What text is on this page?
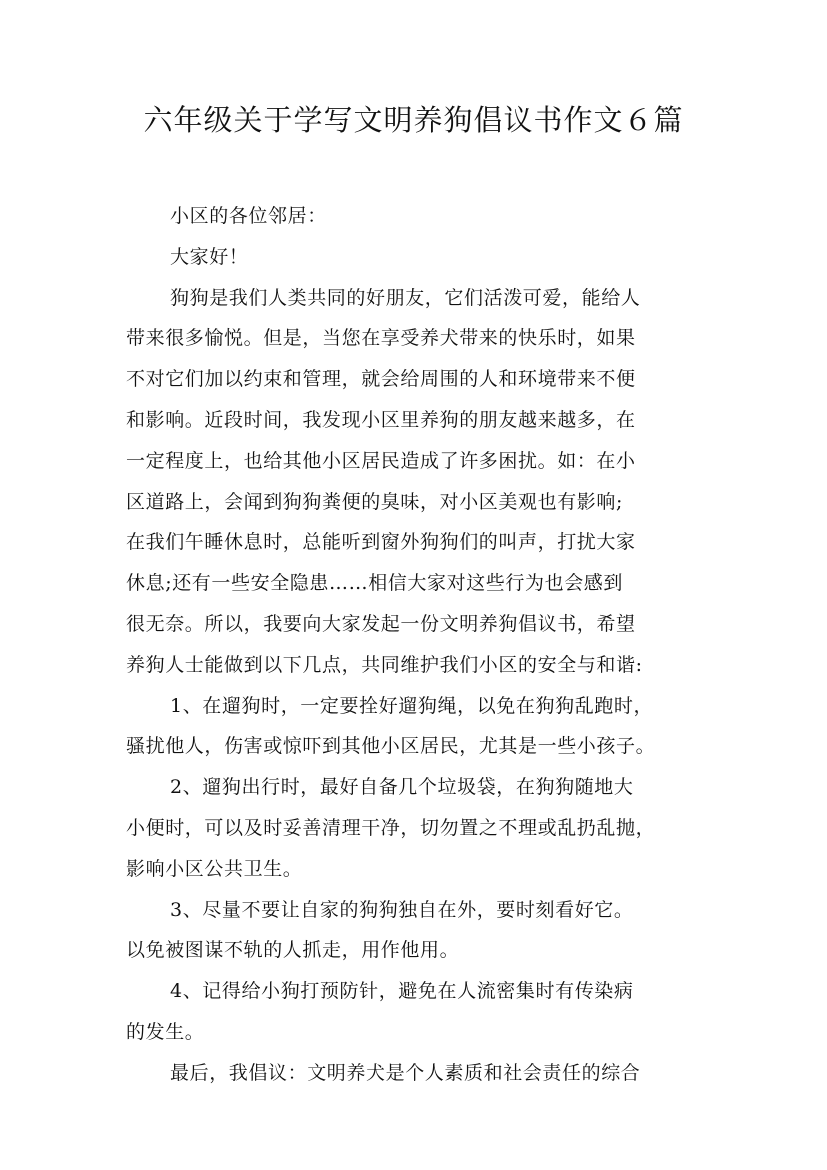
六年级关于学写文明养狗倡议书作文６篇
小区的各位邻居：
大家好！
狗狗是我们人类共同的好朋友，它们活泼可爱，能给人
带来很多愉悦。但是，当您在享受养犬带来的快乐时，如果
不对它们加以约束和管理，就会给周围的人和环境带来不便
和影响。近段时间，我发现小区里养狗的朋友越来越多，在
一定程度上，也给其他小区居民造成了许多困扰。如：在小
区道路上，会闻到狗狗粪便的臭味，对小区美观也有影响;
在我们午睡休息时，总能听到窗外狗狗们的叫声，打扰大家
休息;还有一些安全隐患……相信大家对这些行为也会感到
很无奈。所以，我要向大家发起一份文明养狗倡议书，希望
养狗人士能做到以下几点，共同维护我们小区的安全与和谐:
1、在遛狗时，一定要拴好遛狗绳，以免在狗狗乱跑时，
骚扰他人，伤害或惊吓到其他小区居民，尤其是一些小孩子。
2、遛狗出行时，最好自备几个垃圾袋，在狗狗随地大
小便时，可以及时妥善清理干净，切勿置之不理或乱扔乱抛，
影响小区公共卫生。
3、尽量不要让自家的狗狗独自在外，要时刻看好它。
以免被图谋不轨的人抓走，用作他用。
4、记得给小狗打预防针，避免在人流密集时有传染病
的发生。
最后，我倡议：文明养犬是个人素质和社会责任的综合
